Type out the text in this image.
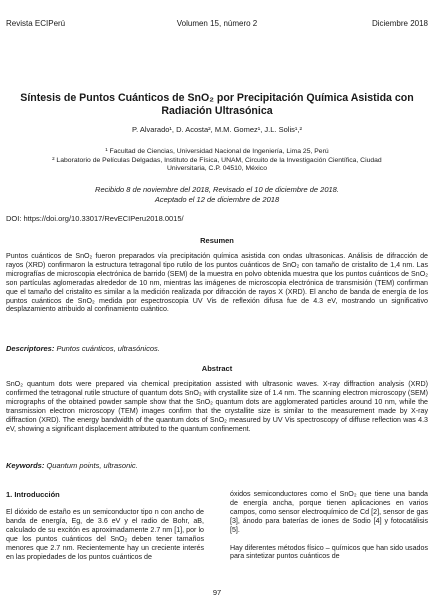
Revista ECIPerú	Volumen 15, número 2	Diciembre 2018
Síntesis de Puntos Cuánticos de SnO₂ por Precipitación Química Asistida con
Radiación Ultrasónica
P. Alvarado¹, D. Acosta², M.M. Gomez¹, J.L. Solis¹,²
¹ Facultad de Ciencias, Universidad Nacional de Ingeniería, Lima 25, Perú
² Laboratorio de Películas Delgadas, Instituto de Física, UNAM, Circuito de la Investigación Científica, Ciudad
Universitaria, C.P. 04510, México
Recibido 8 de noviembre del 2018, Revisado el 10 de diciembre de 2018.
Aceptado el 12 de diciembre de 2018
DOI: https://doi.org/10.33017/RevECIPeru2018.0015/
Resumen

Puntos cuánticos de SnO₂ fueron preparados vía precipitación química asistida con ondas ultrasonicas. Análisis de difracción de rayos (XRD) confirmaron la estructura tetragonal tipo rutilo de los puntos cuánticos de SnO₂ con tamaño de cristalito de 1,4 nm. Las micrografías de microscopia electrónica de barrido (SEM) de la muestra en polvo obtenida muestra que los puntos cuánticos de SnO₂ son partículas aglomeradas alrededor de 10 nm, mientras las imágenes de microscopia electrónica de transmisión (TEM) confirman que el tamaño del cristalito es similar a la medición realizada por difracción de rayos X (XRD). El ancho de banda de energía de los puntos cuánticos de SnO₂ medida por espectroscopia UV Vis de reflexión difusa fue de 4.3 eV, mostrando un significativo desplazamiento atribuido al confinamiento cuántico.

Descriptores: Puntos cuánticos, ultrasónicos.
Abstract

SnO₂ quantum dots were prepared via chemical precipitation assisted with ultrasonic waves. X-ray diffraction analysis (XRD) confirmed the tetragonal rutile structure of quantum dots SnO₂ with crystallite size of 1.4 nm. The scanning electron microscopy (SEM) micrographs of the obtained powder sample show that the SnO₂ quantum dots are agglomerated particles around 10 nm, while the transmission electron microscopy (TEM) images confirm that the crystallite size is similar to the measurement made by X-ray diffraction (XRD). The energy bandwidth of the quantum dots of SnO₂ measured by UV Vis spectroscopy of diffuse reflection was 4.3 eV, showing a significant displacement attributed to the quantum confinement.

Keywords: Quantum points, ultrasonic.
1. Introducción

El dióxido de estaño es un semiconductor tipo n con ancho de banda de energía, Eg, de 3.6 eV y el radio de Bohr, aB, calculado de su excitón es aproximadamente 2.7 nm [1], por lo que los puntos cuánticos del SnO₂ deben tener tamaños menores que 2.7 nm. Recientemente hay un creciente interés en las propiedades de los puntos cuánticos de

óxidos semiconductores como el SnO₂ que tiene una banda de energía ancha, porque tienen aplicaciones en varios campos, como sensor electroquímico de Cd [2], sensor de gas [3], ánodo para baterías de iones de Sodio [4] y fotocatálisis [5].

Hay diferentes métodos físico – químicos que han sido usados para sintetizar puntos cuánticos de

97
